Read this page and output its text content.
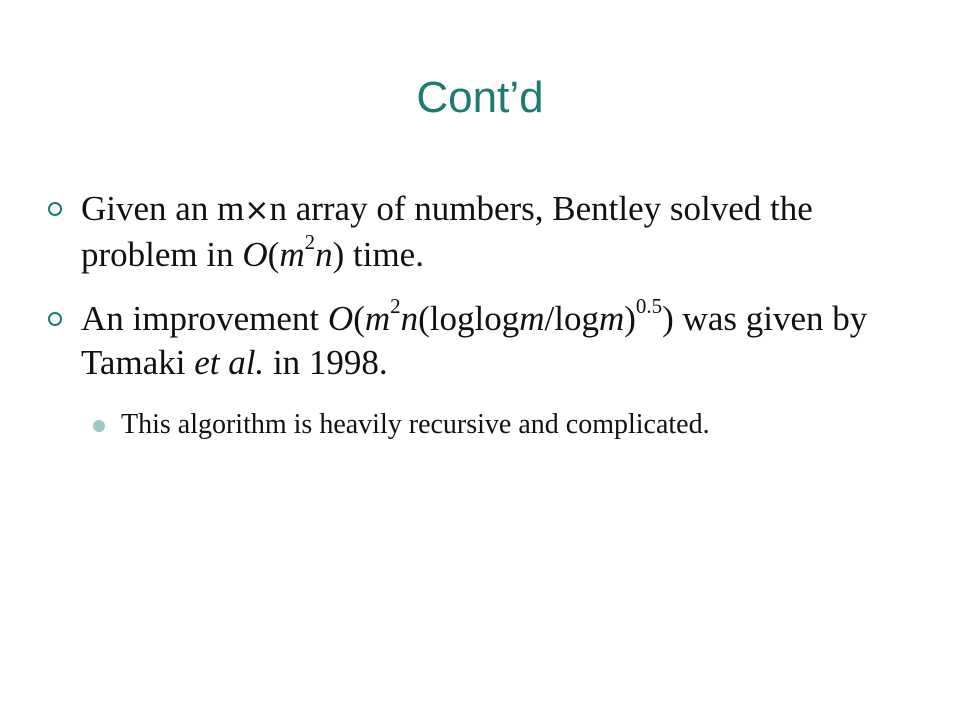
Cont’d
Given an m×n array of numbers, Bentley solved the problem in $O(m^2n)$ time.
An improvement $O(m^2n(loglogm/\log m)^{0.5})$ was given by Tamaki et al. in 1998.
This algorithm is heavily recursive and complicated.
